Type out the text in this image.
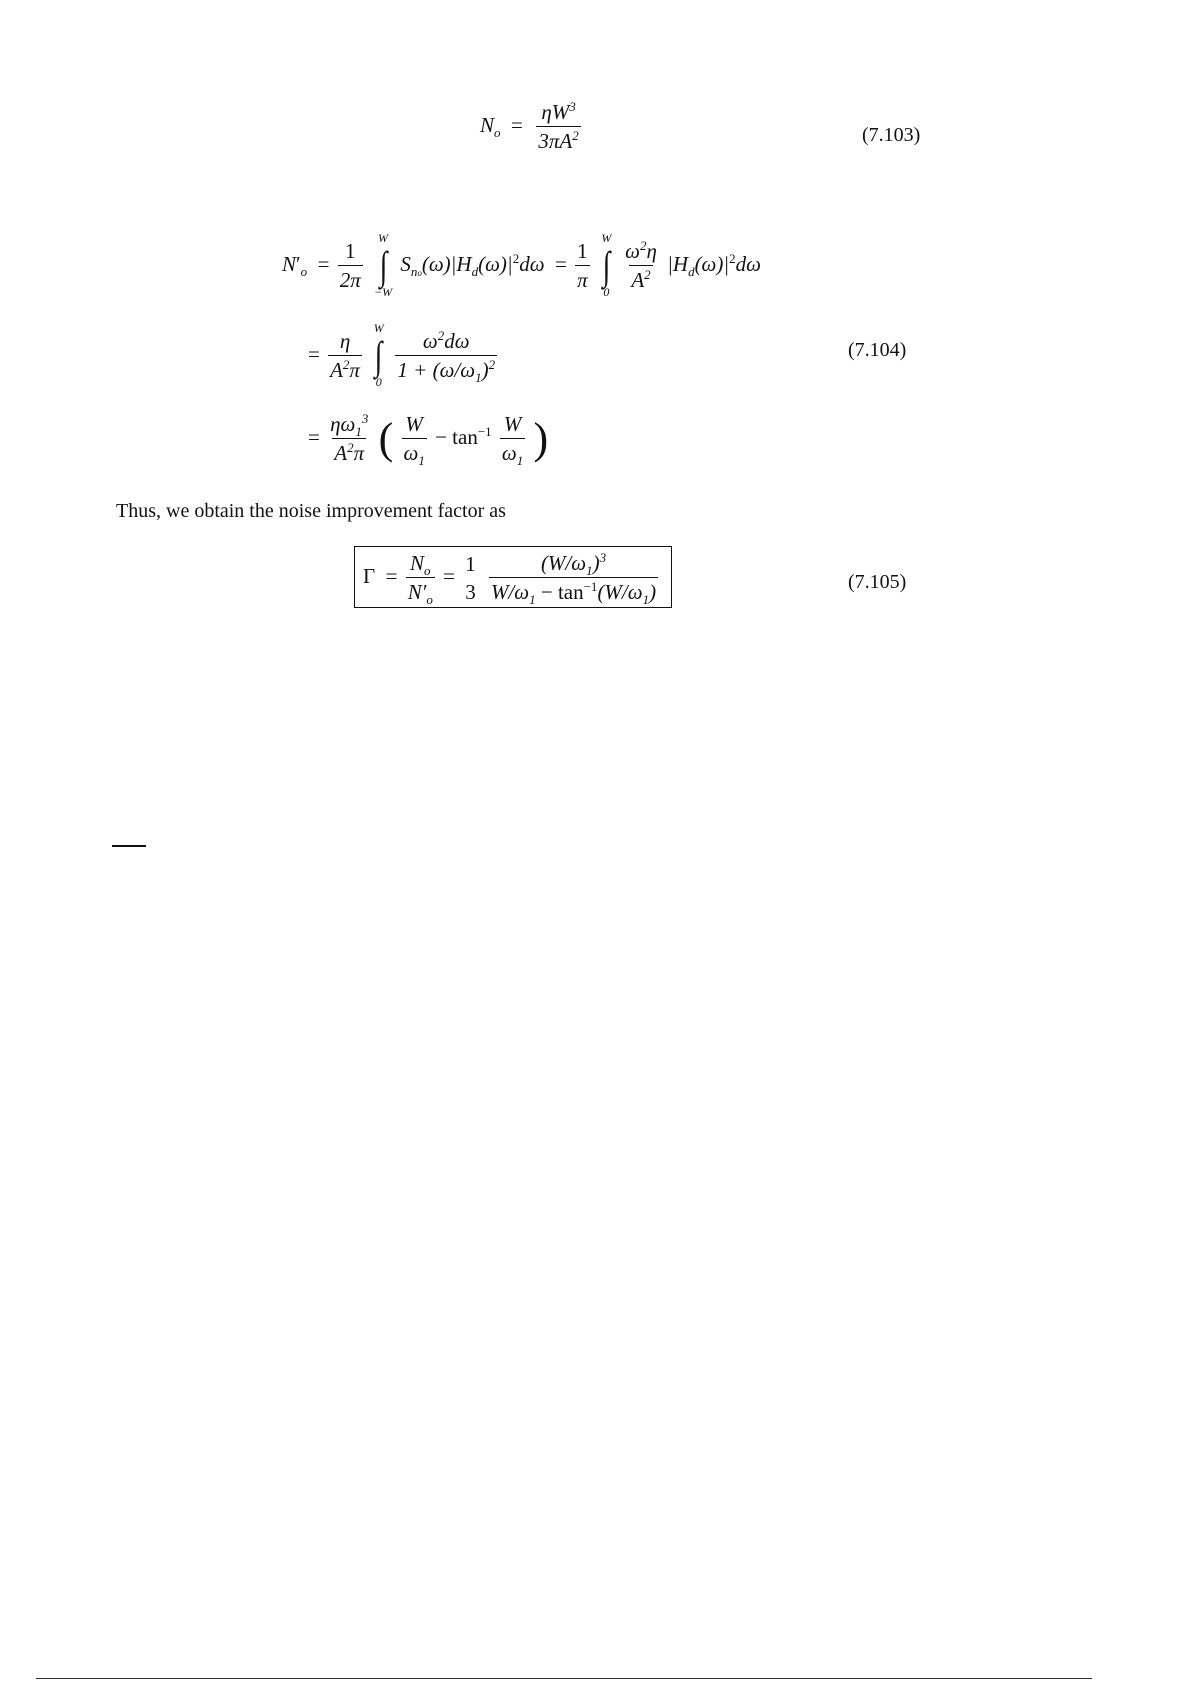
$N_o = \frac{\eta W^3}{3\pi A^2}$	(7.103)
$N'_o = \frac{1}{2\pi}$

W
∫
−W
$S_{no}(\omega)|H_d(\omega)|^2d\omega = \frac{1}{\pi}$

W
∫
0

$\frac{\omega^2\eta}{A^2} |H_d(\omega)|^2d\omega$
= $\frac{\eta}{A^2\pi}$

W
∫
0

$\frac{\omega^2d\omega}{1 + (\omega/\omega_1)^2}$	(7.104)
= $\frac{\eta\omega_1^3}{A^2\pi}$ ( $\frac{W}{\omega_1} - \tan^{-1} \frac{W}{\omega_1}$ )
Thus, we obtain the noise improvement factor as
$\Gamma = \frac{N_o}{N'_o}$ =
1
3
$\frac{(W/\omega_1)^3}{W/\omega_1 - \tan^{-1}(W/\omega_1)}$	(7.105)
